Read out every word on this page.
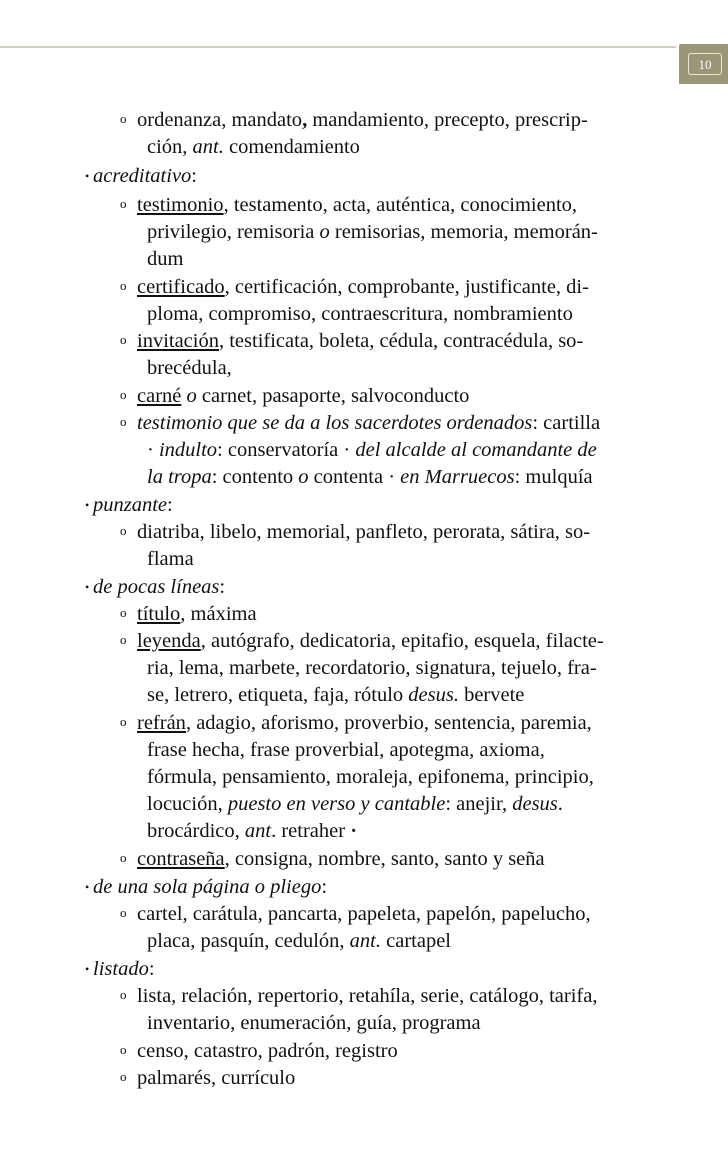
10
o ordenanza, mandato, mandamiento, precepto, prescrip-
ción, ant. comendamiento
• acreditativo:
o testimonio, testamento, acta, auténtica, conocimiento,
privilegio, remisoria o remisorias, memoria, memorán-
dum
o certificado, certificación, comprobante, justificante, di-
ploma, compromiso, contraescritura, nombramiento
o invitación, testificata, boleta, cédula, contracédula, so-
brecédula,
o carné o carnet, pasaporte, salvoconducto
o testimonio que se da a los sacerdotes ordenados: cartilla
· indulto: conservatoría · del alcalde al comandante de
la tropa: contento o contenta · en Marruecos: mulquía
• punzante:
o diatriba, libelo, memorial, panfleto, perorata, sátira, so-
flama
• de pocas líneas:
o título, máxima
o leyenda, autógrafo, dedicatoria, epitafio, esquela, filacte-
ria, lema, marbete, recordatorio, signatura, tejuelo, fra-
se, letrero, etiqueta, faja, rótulo desus. bervete
o refrán, adagio, aforismo, proverbio, sentencia, paremia,
frase hecha, frase proverbial, apotegma, axioma,
fórmula, pensamiento, moraleja, epifonema, principio,
locución, puesto en verso y cantable: anejir, desus.
brocárdico, ant. retraher ·
o contraseña, consigna, nombre, santo, santo y seña
• de una sola página o pliego:
o cartel, carátula, pancarta, papeleta, papelón, papelucho,
placa, pasquín, cedulón, ant. cartapel
• listado:
o lista, relación, repertorio, retahíla, serie, catálogo, tarifa,
inventario, enumeración, guía, programa
o censo, catastro, padrón, registro
o palmarés, currículo
